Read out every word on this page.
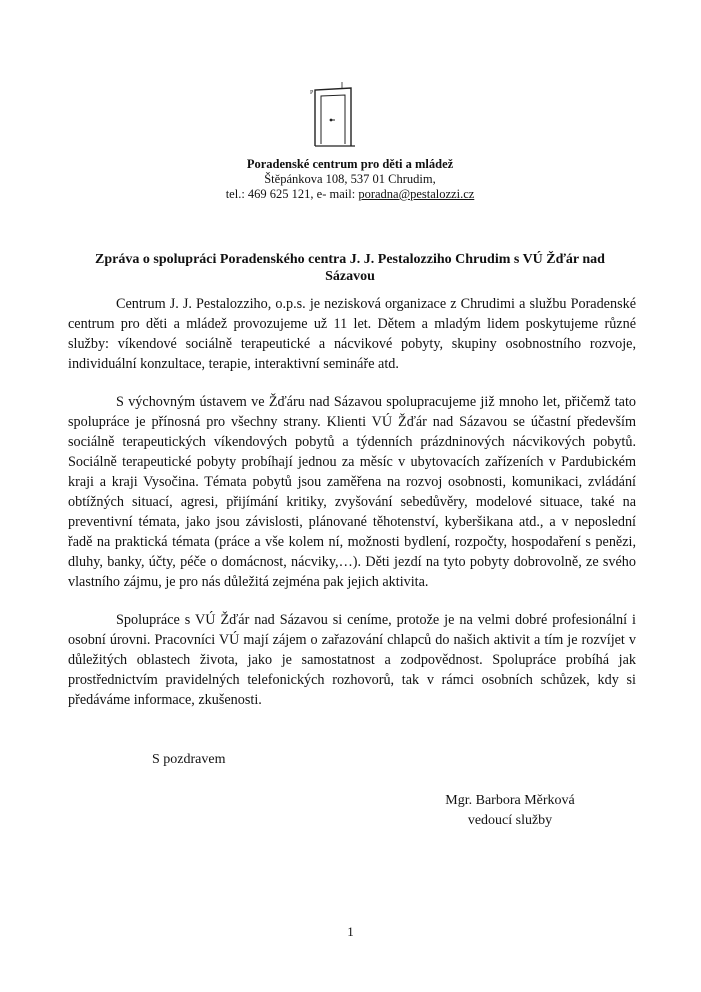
P
Poradenské centrum pro děti a mládež
Štěpánkova 108, 537 01 Chrudim,
tel.: 469 625 121, e- mail: poradna@pestalozzi.cz
Zpráva o spolupráci Poradenského centra J. J. Pestalozziho Chrudim s VÚ Žďár nad Sázavou

Centrum J. J. Pestalozziho, o.p.s. je nezisková organizace z Chrudimi a službu Poradenské centrum pro děti a mládež provozujeme už 11 let. Dětem a mladým lidem poskytujeme různé služby: víkendové sociálně terapeutické a nácvikové pobyty, skupiny osobnostního rozvoje, individuální konzultace, terapie, interaktivní semináře atd.

S výchovným ústavem ve Žďáru nad Sázavou spolupracujeme již mnoho let, přičemž tato spolupráce je přínosná pro všechny strany. Klienti VÚ Žďár nad Sázavou se účastní především sociálně terapeutických víkendových pobytů a týdenních prázdninových nácvikových pobytů. Sociálně terapeutické pobyty probíhají jednou za měsíc v ubytovacích zařízeních v Pardubickém kraji a kraji Vysočina. Témata pobytů jsou zaměřena na rozvoj osobnosti, komunikaci, zvládání obtížných situací, agresi, přijímání kritiky, zvyšování sebedůvěry, modelové situace, také na preventivní témata, jako jsou závislosti, plánované těhotenství, kyberšikana atd., a v neposlední řadě na praktická témata (práce a vše kolem ní, možnosti bydlení, rozpočty, hospodaření s penězi, dluhy, banky, účty, péče o domácnost, nácviky,…). Děti jezdí na tyto pobyty dobrovolně, ze svého vlastního zájmu, je pro nás důležitá zejména pak jejich aktivita.

Spolupráce s VÚ Žďár nad Sázavou si ceníme, protože je na velmi dobré profesionální i osobní úrovni. Pracovníci VÚ mají zájem o zařazování chlapců do našich aktivit a tím je rozvíjet v důležitých oblastech života, jako je samostatnost a zodpovědnost. Spolupráce probíhá jak prostřednictvím pravidelných telefonických rozhovorů, tak v rámci osobních schůzek, kdy si předáváme informace, zkušenosti.

S pozdravem
Mgr. Barbora Měrková
vedoucí služby
1
